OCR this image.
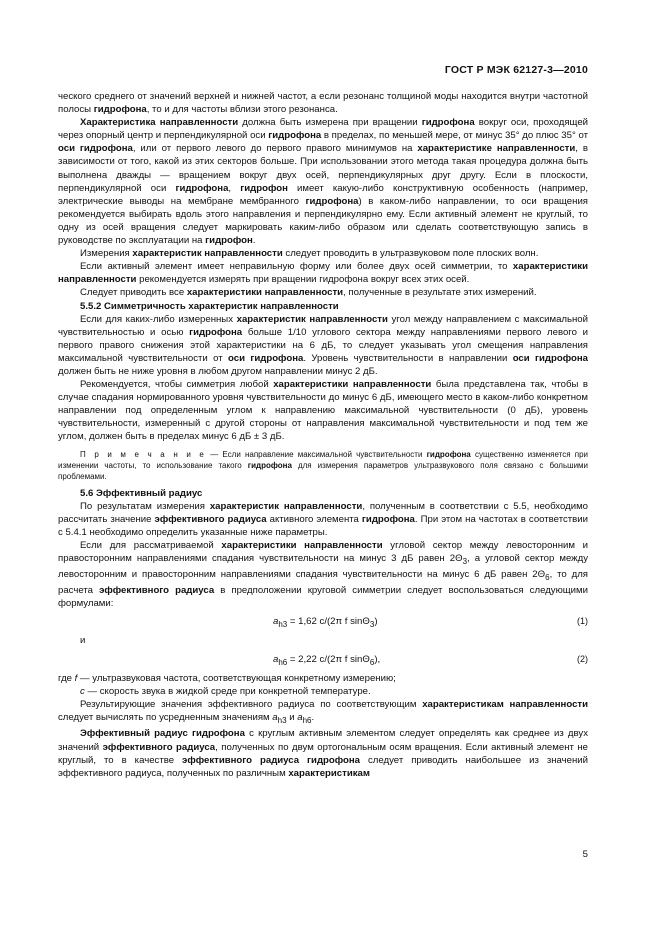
ГОСТ Р МЭК 62127-3—2010

ческого среднего от значений верхней и нижней частот, а если резонанс толщиной моды находится внутри частотной полосы гидрофона, то и для частоты вблизи этого резонанса.

Характеристика направленности должна быть измерена при вращении гидрофона вокруг оси, проходящей через опорный центр и перпендикулярной оси гидрофона в пределах, по меньшей мере, от минус 35° до плюс 35° от оси гидрофона, или от первого левого до первого правого минимумов на характеристике направленности, в зависимости от того, какой из этих секторов больше. При использовании этого метода такая процедура должна быть выполнена дважды — вращением вокруг двух осей, перпендикулярных друг другу. Если в плоскости, перпендикулярной оси гидрофона, гидрофон имеет какую-либо конструктивную особенность (например, электрические выводы на мембране мембранного гидрофона) в каком-либо направлении, то оси вращения рекомендуется выбирать вдоль этого направления и перпендикулярно ему. Если активный элемент не круглый, то одну из осей вращения следует маркировать каким-либо образом или сделать соответствующую запись в руководстве по эксплуатации на гидрофон.

Измерения характеристик направленности следует проводить в ультразвуковом поле плоских волн.

Если активный элемент имеет неправильную форму или более двух осей симметрии, то характеристики направленности рекомендуется измерять при вращении гидрофона вокруг всех этих осей.

Следует приводить все характеристики направленности, полученные в результате этих измерений.

5.5.2 Симметричность характеристик направленности

Если для каких-либо измеренных характеристик направленности угол между направлением с максимальной чувствительностью и осью гидрофона больше 1/10 углового сектора между направлениями первого левого и первого правого снижения этой характеристики на 6 дБ, то следует указывать угол смещения направления максимальной чувствительности от оси гидрофона. Уровень чувствительности в направлении оси гидрофона должен быть не ниже уровня в любом другом направлении минус 2 дБ.

Рекомендуется, чтобы симметрия любой характеристики направленности была представлена так, чтобы в случае спадания нормированного уровня чувствительности до минус 6 дБ, имеющего место в каком-либо конкретном направлении под определенным углом к направлению максимальной чувствительности (0 дБ), уровень чувствительности, измеренный с другой стороны от направления максимальной чувствительности и под тем же углом, должен быть в пределах минус 6 дБ ± 3 дБ.

П р и м е ч а н и е — Если направление максимальной чувствительности гидрофона существенно изменяется при изменении частоты, то использование такого гидрофона для измерения параметров ультразвукового поля связано с большими проблемами.

5.6 Эффективный радиус

По результатам измерения характеристик направленности, полученным в соответствии с 5.5, необходимо рассчитать значение эффективного радиуса активного элемента гидрофона. При этом на частотах в соответствии с 5.4.1 необходимо определить указанные ниже параметры.

Если для рассматриваемой характеристики направленности угловой сектор между левосторонним и правосторонним направлениями спадания чувствительности на минус 3 дБ равен $2\Theta_3$, а угловой сектор между левосторонним и правосторонним направлениями спадания чувствительности на минус 6 дБ равен $2\Theta_6$, то для расчета эффективного радиуса в предположении круговой симметрии следует воспользоваться следующими формулами:

$a_{h3} = 1,62$ c/(2π f sinΘ$_3$)	(1)
и
$a_{h6} = 2,22$ c/(2π f sinΘ$_6$),	(2)

где f — ультразвуковая частота, соответствующая конкретному измерению;

c — скорость звука в жидкой среде при конкретной температуре.

Результирующие значения эффективного радиуса по соответствующим характеристикам направленности следует вычислять по усредненным значениям $a_{h3}$ и $a_{h6}$.

Эффективный радиус гидрофона с круглым активным элементом следует определять как среднее из двух значений эффективного радиуса, полученных по двум ортогональным осям вращения. Если активный элемент не круглый, то в качестве эффективного радиуса гидрофона следует приводить наибольшее из значений эффективного радиуса, полученных по различным характеристикам

5
